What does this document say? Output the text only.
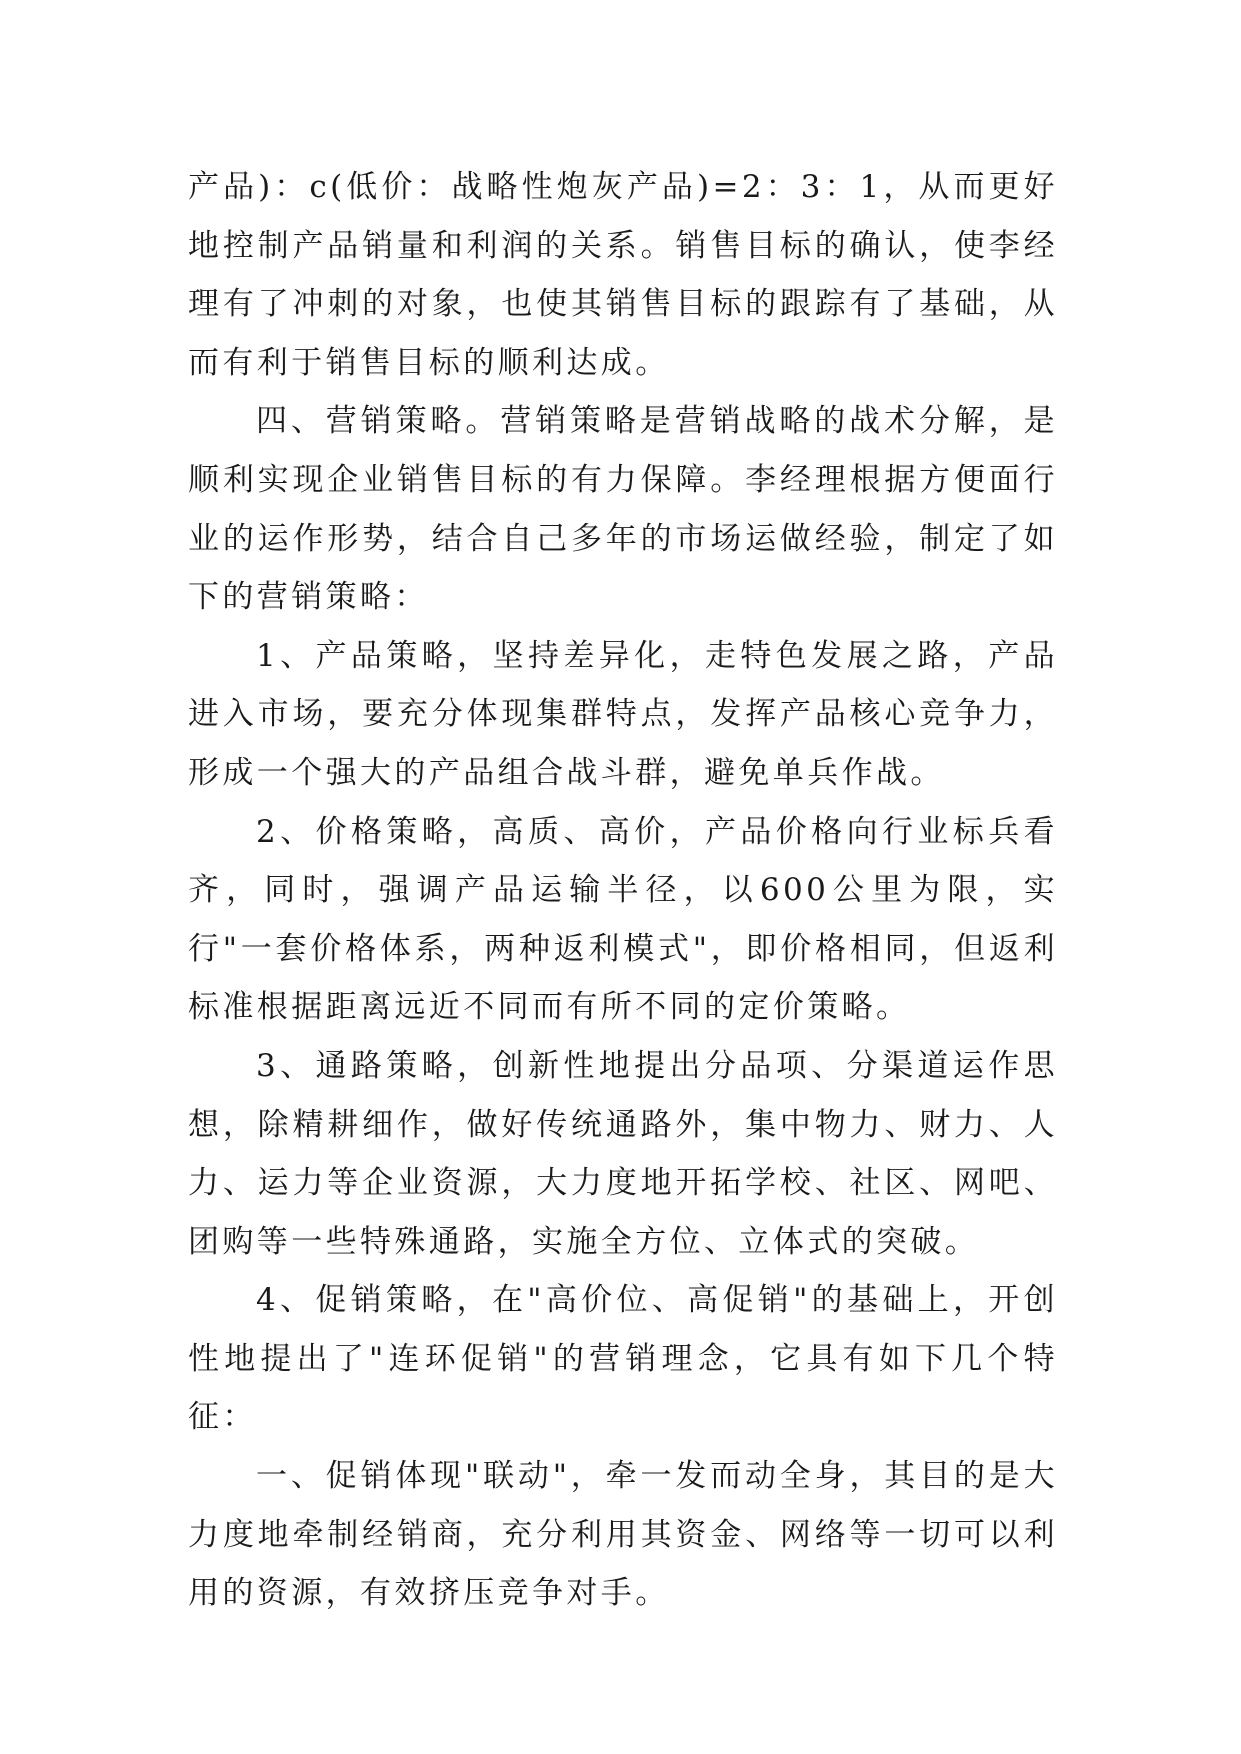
产品)：c(低价：战略性炮灰产品)=2：3：1，从而更好地控制产品销量和利润的关系。销售目标的确认，使李经理有了冲刺的对象，也使其销售目标的跟踪有了基础，从而有利于销售目标的顺利达成。

四、营销策略。营销策略是营销战略的战术分解，是顺利实现企业销售目标的有力保障。李经理根据方便面行业的运作形势，结合自己多年的市场运做经验，制定了如下的营销策略：

1、产品策略，坚持差异化，走特色发展之路，产品进入市场，要充分体现集群特点，发挥产品核心竞争力，形成一个强大的产品组合战斗群，避免单兵作战。

2、价格策略，高质、高价，产品价格向行业标兵看齐，同时，强调产品运输半径，以600公里为限，实行"一套价格体系，两种返利模式"，即价格相同，但返利标准根据距离远近不同而有所不同的定价策略。

3、通路策略，创新性地提出分品项、分渠道运作思想，除精耕细作，做好传统通路外，集中物力、财力、人力、运力等企业资源，大力度地开拓学校、社区、网吧、团购等一些特殊通路，实施全方位、立体式的突破。

4、促销策略，在"高价位、高促销"的基础上，开创性地提出了"连环促销"的营销理念，它具有如下几个特征：

一、促销体现"联动"，牵一发而动全身，其目的是大力度地牵制经销商，充分利用其资金、网络等一切可以利用的资源，有效挤压竞争对手。
